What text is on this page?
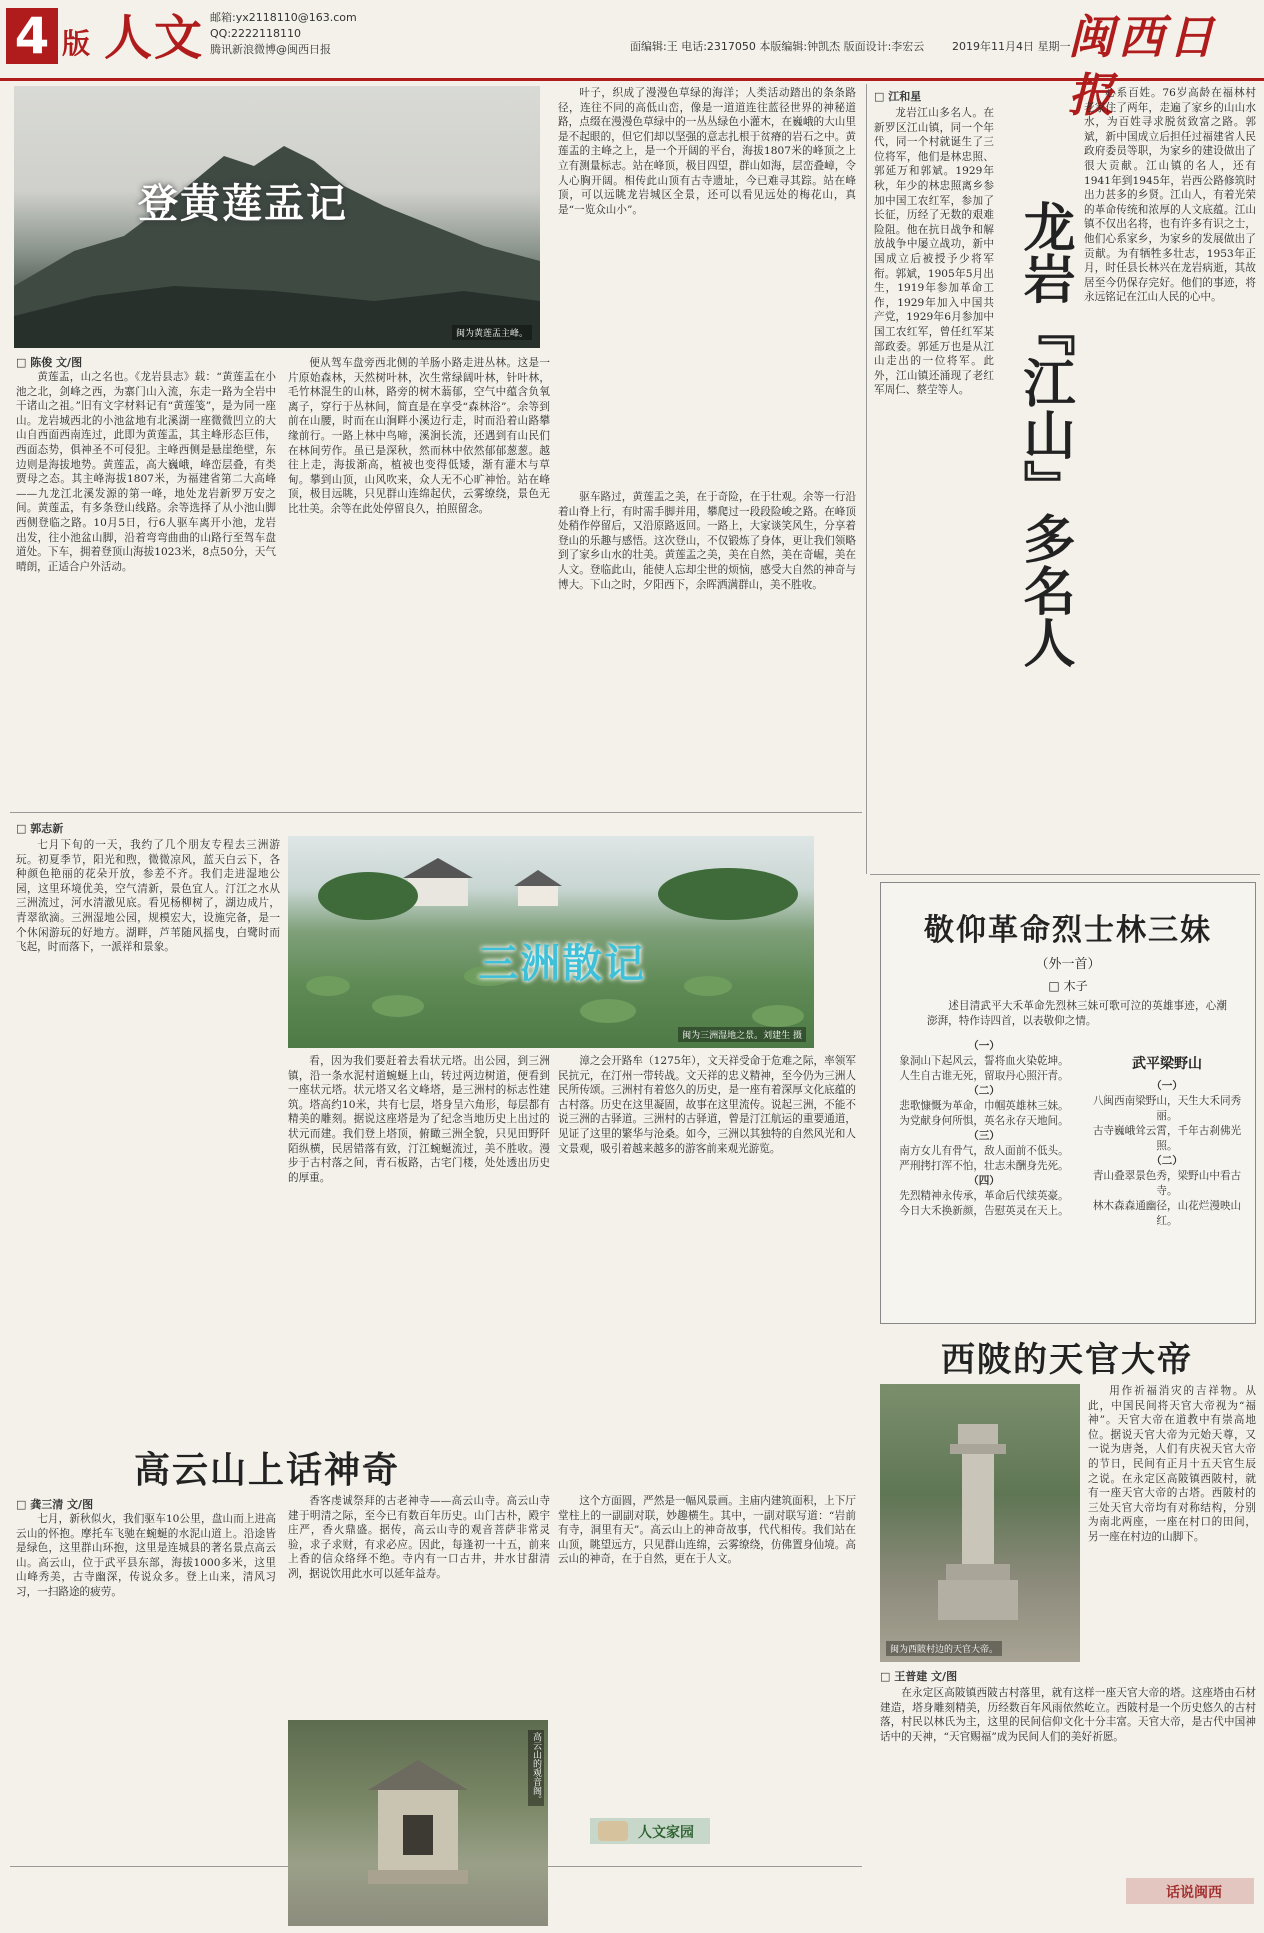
4 版 人文 邮箱:yx2118110@163.com
QQ:2222118110
腾讯新浪微博@闽西日报	面编辑:王 电话:2317050 本版编辑:钟凯杰 版面设计:李宏云	2019年11月4日 星期一
闽西日报
登黄莲盂记
闽为黄莲盂主峰。
□ 陈俊 文/图

黄莲盂，山之名也。《龙岩县志》载：“黄莲盂在小池之北，剑峰之西，为寨门山入流，东走一路为全岩中干诸山之祖。”旧有文字材料记有“黄莲笺”，是为同一座山。龙岩城西北的小池盆地有北溪湖一座微微凹立的大山自西面西南连过，此即为黄莲盂，其主峰形态巨伟，西面态势，俱神圣不可侵犯。主峰西侧是悬崖绝壁，东边则是海拔地势。黄莲盂，高大巍峨，峰峦层叠，有类贾母之态。其主峰海拔1807米，为福建省第二大高峰——九龙江北溪发源的第一峰，地处龙岩新罗万安之间。黄莲盂，有多条登山线路。余等选择了从小池山脚西侧登临之路。10月5日，行6人驱车离开小池，龙岩出发，往小池盆山脚，沿着弯弯曲曲的山路行至驾车盘道处。下车，拥着登顶山海拔1023米，8点50分，天气晴朗，正适合户外活动。

便从驾车盘旁西北侧的羊肠小路走进丛林。这是一片原始森林，天然树叶林，次生常绿阔叶林，针叶林，毛竹林混生的山林，路旁的树木蓊郁，空气中蕴含负氧离子，穿行于丛林间，简直是在享受“森林浴”。余等到前在山腰，时而在山涧畔小溪边行走，时而沿着山路攀缘前行。一路上林中鸟啼，溪涧长流，还遇到有山民们在林间劳作。虽已是深秋，然而林中依然郁郁葱葱。越往上走，海拔渐高，植被也变得低矮，渐有灌木与草甸。攀到山顶，山风吹来，众人无不心旷神怡。站在峰顶，极目远眺，只见群山连绵起伏，云雾缭绕，景色无比壮美。余等在此处停留良久，拍照留念。

叶子，织成了漫漫色草绿的海洋；人类活动踏出的条条路径，连往不同的高低山峦，像是一道道连往蓝径世界的神秘道路，点缀在漫漫色草绿中的一丛丛绿色小灌木，在巍峨的大山里是不起眼的，但它们却以坚强的意志扎根于贫瘠的岩石之中。黄莲盂的主峰之上，是一个开阔的平台，海拔1807米的峰顶之上立有测量标志。站在峰顶，极目四望，群山如海，层峦叠嶂，令人心胸开阔。相传此山顶有古寺遗址，今已难寻其踪。站在峰顶，可以远眺龙岩城区全景，还可以看见远处的梅花山，真是“一览众山小”。

驱车路过，黄莲盂之美，在于奇险，在于壮观。余等一行沿着山脊上行，有时需手脚并用，攀爬过一段段险峻之路。在峰顶处稍作停留后，又沿原路返回。一路上，大家谈笑风生，分享着登山的乐趣与感悟。这次登山，不仅锻炼了身体，更让我们领略到了家乡山水的壮美。黄莲盂之美，美在自然，美在奇崛，美在人文。登临此山，能使人忘却尘世的烦恼，感受大自然的神奇与博大。下山之时，夕阳西下，余晖洒满群山，美不胜收。

□ 江和星

龙岩江山多名人。在新罗区江山镇，同一个年代，同一个村就诞生了三位将军，他们是林忠照、郭延万和郭斌。1929年秋，年少的林忠照离乡参加中国工农红军，参加了长征，历经了无数的艰难险阻。他在抗日战争和解放战争中屡立战功，新中国成立后被授予少将军衔。郭斌，1905年5月出生，1919年参加革命工作，1929年加入中国共产党，1929年6月参加中国工农红军，曾任红军某部政委。郭延万也是从江山走出的一位将军。此外，江山镇还涌现了老红军周仁、蔡茔等人。 龙岩『江山』多名人

心系百姓。76岁高龄在福林村老家住了两年，走遍了家乡的山山水水，为百姓寻求脱贫致富之路。郭斌，新中国成立后担任过福建省人民政府委员等职，为家乡的建设做出了很大贡献。江山镇的名人，还有1941年到1945年，岩西公路修筑时出力甚多的乡贤。江山人，有着光荣的革命传统和浓厚的人文底蕴。江山镇不仅出名将，也有许多有识之士，他们心系家乡，为家乡的发展做出了贡献。为有牺牲多壮志，1953年正月，时任县长林兴在龙岩病逝，其故居至今仍保存完好。他们的事迹，将永远铭记在江山人民的心中。

□ 郭志新

七月下旬的一天，我约了几个朋友专程去三洲游玩。初夏季节，阳光和煦，微微凉风，蓝天白云下，各种颜色艳丽的花朵开放，参差不齐。我们走进湿地公园，这里环境优美，空气清新，景色宜人。汀江之水从三洲流过，河水清澈见底。看见杨柳树了，湖边成片，青翠欲滴。三洲湿地公园，规模宏大，设施完备，是一个休闲游玩的好地方。湖畔，芦苇随风摇曳，白鹭时而飞起，时而落下，一派祥和景象。	三洲散记
闽为三洲湿地之景。刘建生 摄

看，因为我们要赶着去看状元塔。出公园，到三洲镇，沿一条水泥村道蜿蜒上山，转过两边树道，便看到一座状元塔。状元塔又名文峰塔，是三洲村的标志性建筑。塔高约10米，共有七层，塔身呈六角形，每层都有精美的雕刻。据说这座塔是为了纪念当地历史上出过的状元而建。我们登上塔顶，俯瞰三洲全貌，只见田野阡陌纵横，民居错落有致，汀江蜿蜒流过，美不胜收。漫步于古村落之间，青石板路，古宅门楼，处处透出历史的厚重。

漳之会开路牟（1275年），文天祥受命于危难之际，率领军民抗元，在汀州一带转战。文天祥的忠义精神，至今仍为三洲人民所传颂。三洲村有着悠久的历史，是一座有着深厚文化底蕴的古村落。历史在这里凝固，故事在这里流传。说起三洲，不能不说三洲的古驿道。三洲村的古驿道，曾是汀江航运的重要通道，见证了这里的繁华与沧桑。如今，三洲以其独特的自然风光和人文景观，吸引着越来越多的游客前来观光游览。

人文家园
敬仰革命烈士林三妹
（外一首）
□ 木子

述目清武平大禾革命先烈林三妹可歌可泣的英雄事迹，心潮澎湃，特作诗四首，以表敬仰之情。

（一）
象洞山下起风云，誓将血火染乾坤。
人生自古谁无死，留取丹心照汗青。
（二）
悲歌慷慨为革命，巾帼英雄林三妹。
为党献身何所惧，英名永存天地间。
（三）
南方女儿有骨气，敌人面前不低头。
严刑拷打浑不怕，壮志未酬身先死。
（四）
先烈精神永传承，革命后代续英豪。
今日大禾换新颜，告慰英灵在天上。
武平梁野山
（一）
八闽西南梁野山，天生大禾同秀丽。
古寺巍峨耸云霄，千年古刹佛光照。
（二）
青山叠翠景色秀，梁野山中看古寺。
林木森森通幽径，山花烂漫映山红。
西陂的天官大帝
闽为西陂村边的天官大帝。

用作祈福消灾的吉祥物。从此，中国民间将天官大帝视为“福神”。天官大帝在道教中有崇高地位。据说天官大帝为元始天尊，又一说为唐尧，人们有庆祝天官大帝的节日，民间有正月十五天官生辰之说。在永定区高陂镇西陂村，就有一座天官大帝的古塔。西陂村的三处天官大帝均有对称结构，分别为南北两座，一座在村口的田间，另一座在村边的山脚下。

□ 王普建 文/图

在永定区高陂镇西陂古村落里，就有这样一座天官大帝的塔。这座塔由石材建造，塔身雕刻精美，历经数百年风雨依然屹立。西陂村是一个历史悠久的古村落，村民以林氏为主，这里的民间信仰文化十分丰富。天官大帝，是古代中国神话中的天神，“天官赐福”成为民间人们的美好祈愿。

话说闽西
高云山上话神奇
□ 龚三清 文/图

七月，新秋似火，我们驱车10公里，盘山而上进高云山的怀抱。摩托车飞驰在蜿蜒的水泥山道上。沿途皆是绿色，这里群山环抱，这里是连城县的著名景点高云山。高云山，位于武平县东部，海拔1000多米，这里山峰秀美，古寺幽深，传说众多。登上山来，清风习习，一扫路途的疲劳。

香客虔诚祭拜的古老神寺——高云山寺。高云山寺建于明清之际，至今已有数百年历史。山门古朴，殿宇庄严，香火鼎盛。据传，高云山寺的观音菩萨非常灵验，求子求财，有求必应。因此，每逢初一十五，前来上香的信众络绎不绝。寺内有一口古井，井水甘甜清冽，据说饮用此水可以延年益寿。

高云山的观音阁。

这个方面圆，严然是一幅风景画。主庙内建筑面积，上下厅堂柱上的一副副对联，妙趣横生。其中，一副对联写道：“岩前有寺，洞里有天”。高云山上的神奇故事，代代相传。我们站在山顶，眺望远方，只见群山连绵，云雾缭绕，仿佛置身仙境。高云山的神奇，在于自然，更在于人文。
